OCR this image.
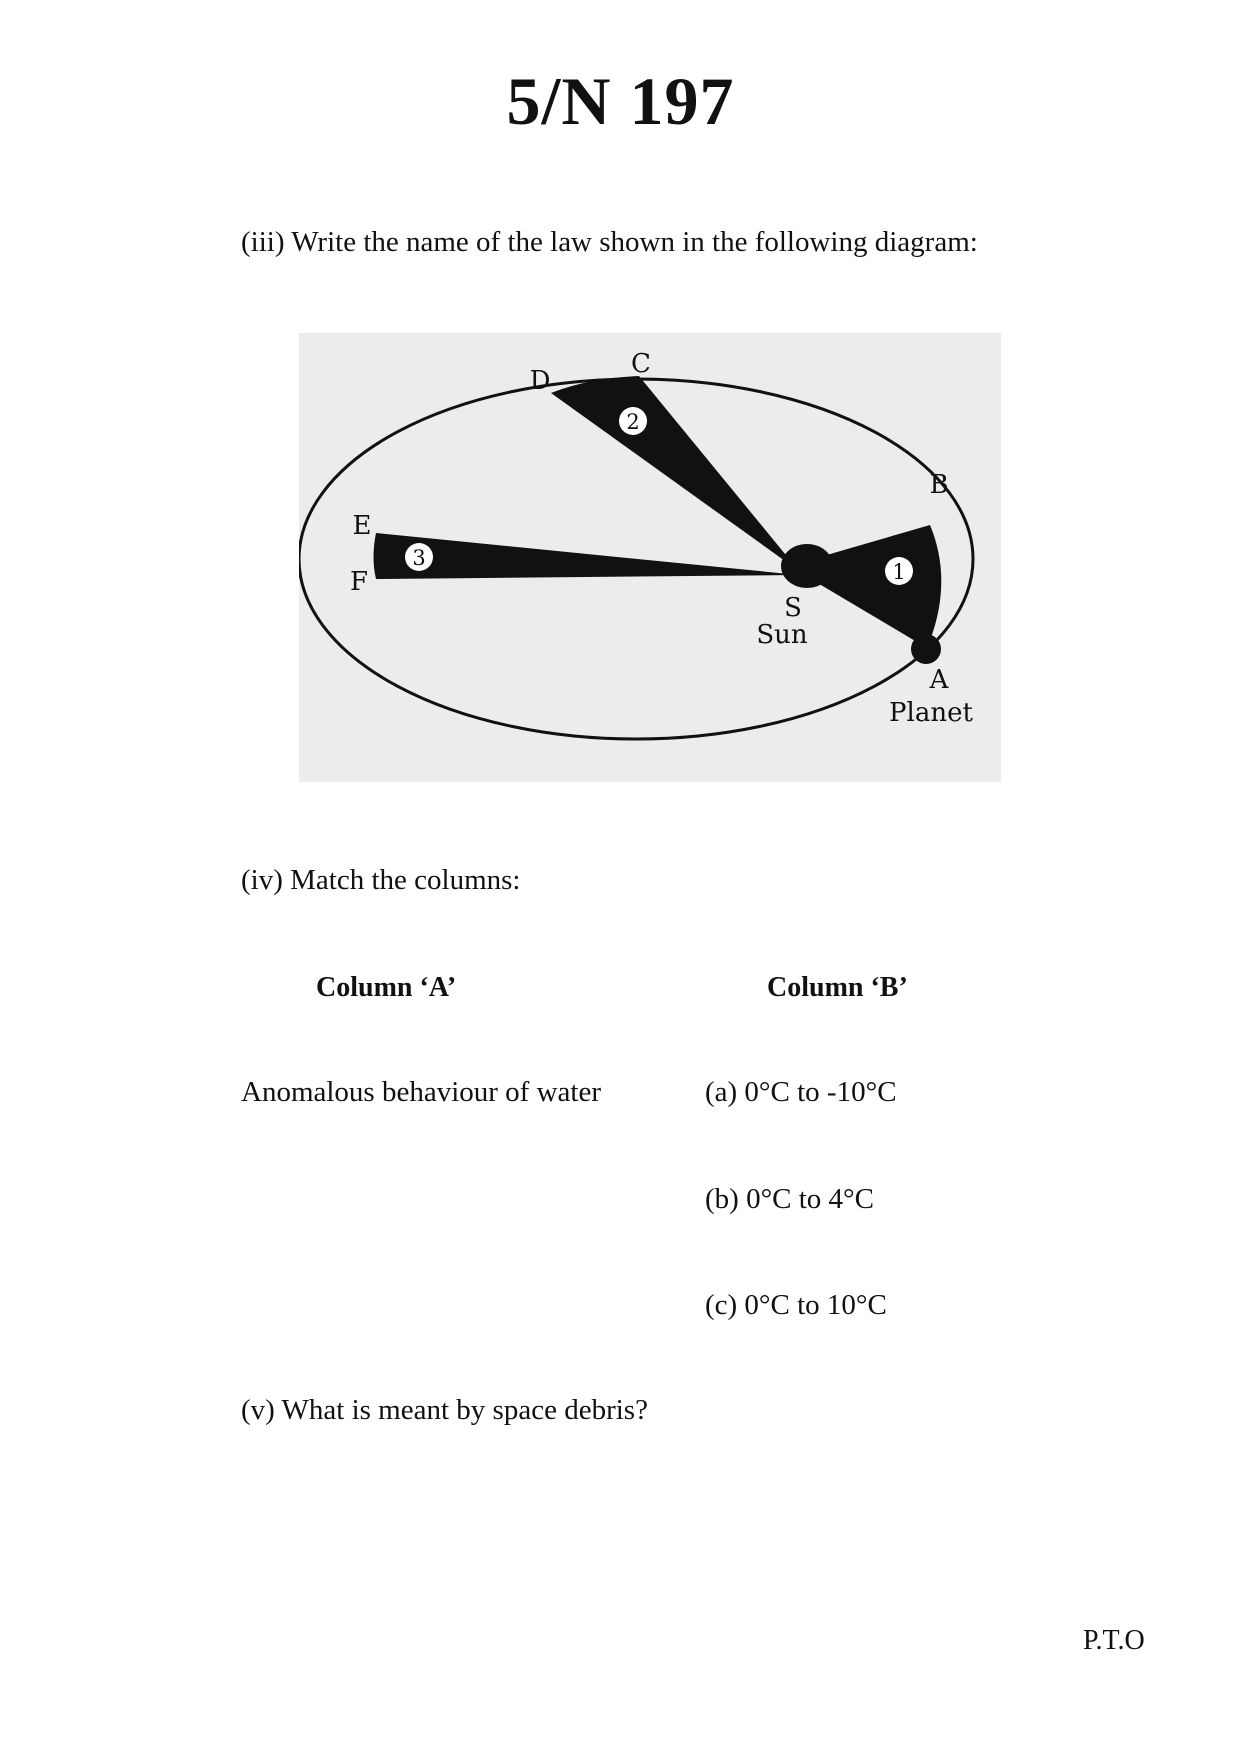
5/N 197
(iii) Write the name of the law shown in the following diagram:
1
2
3
C
D
B
E
F
S
Sun
A
Planet
(iv) Match the columns:
Column ‘A’	Column ‘B’
Anomalous behaviour of water	(a) 0°C to -10°C
(b) 0°C to 4°C
(c) 0°C to 10°C
(v) What is meant by space debris?
P.T.O
